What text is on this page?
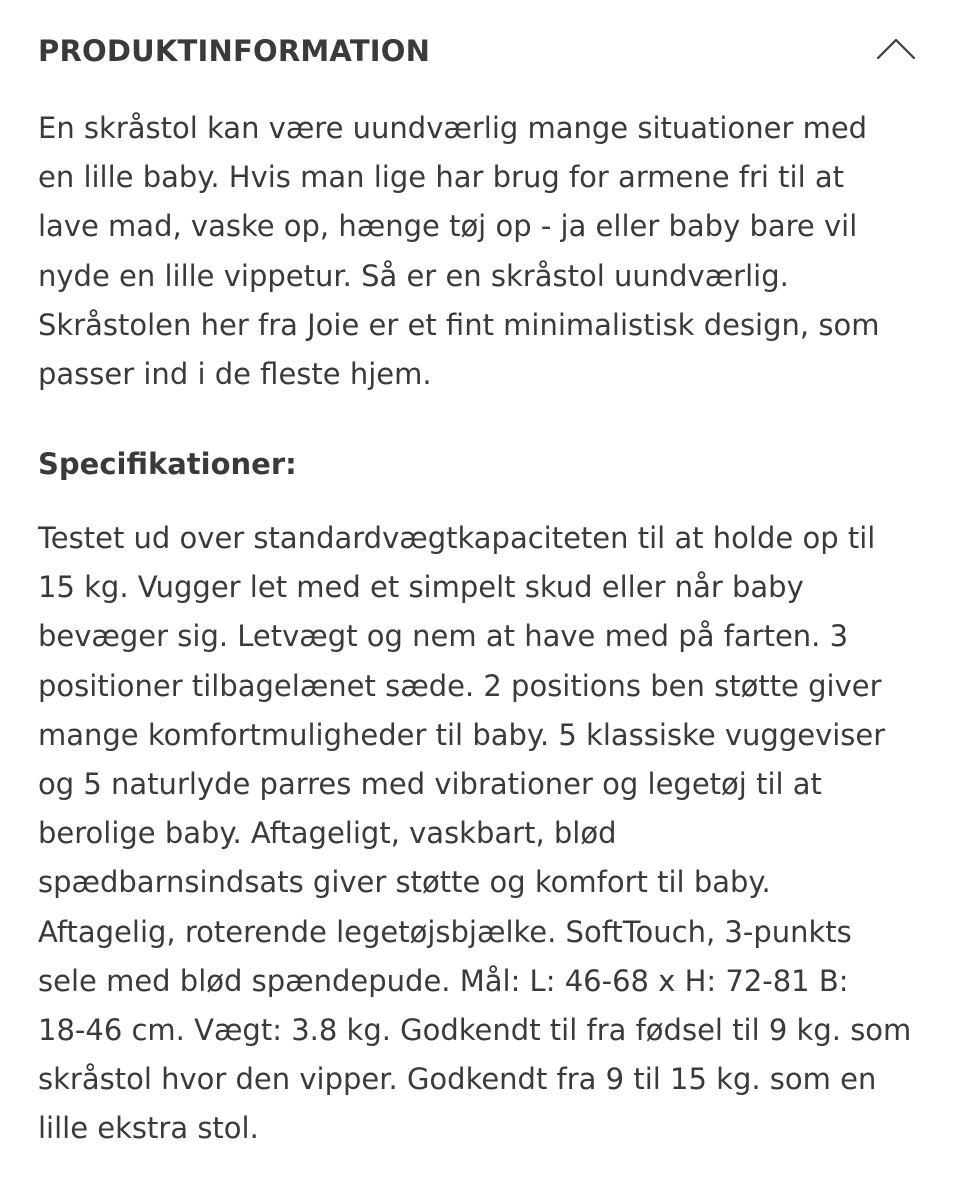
PRODUKTINFORMATION

En skråstol kan være uundværlig mange situationer med
en lille baby. Hvis man lige har brug for armene fri til at
lave mad, vaske op, hænge tøj op - ja eller baby bare vil
nyde en lille vippetur. Så er en skråstol uundværlig.
Skråstolen her fra Joie er et fint minimalistisk design, som
passer ind i de fleste hjem.

Specifikationer:

Testet ud over standardvægtkapaciteten til at holde op til
15 kg. Vugger let med et simpelt skud eller når baby
bevæger sig. Letvægt og nem at have med på farten. 3
positioner tilbagelænet sæde. 2 positions ben støtte giver
mange komfortmuligheder til baby. 5 klassiske vuggeviser
og 5 naturlyde parres med vibrationer og legetøj til at
berolige baby. Aftageligt, vaskbart, blød
spædbarnsindsats giver støtte og komfort til baby.
Aftagelig, roterende legetøjsbjælke. SoftTouch, 3-punkts
sele med blød spændepude. Mål: L: 46-68 x H: 72-81 B:
18-46 cm. Vægt: 3.8 kg. Godkendt til fra fødsel til 9 kg. som
skråstol hvor den vipper. Godkendt fra 9 til 15 kg. som en
lille ekstra stol.
